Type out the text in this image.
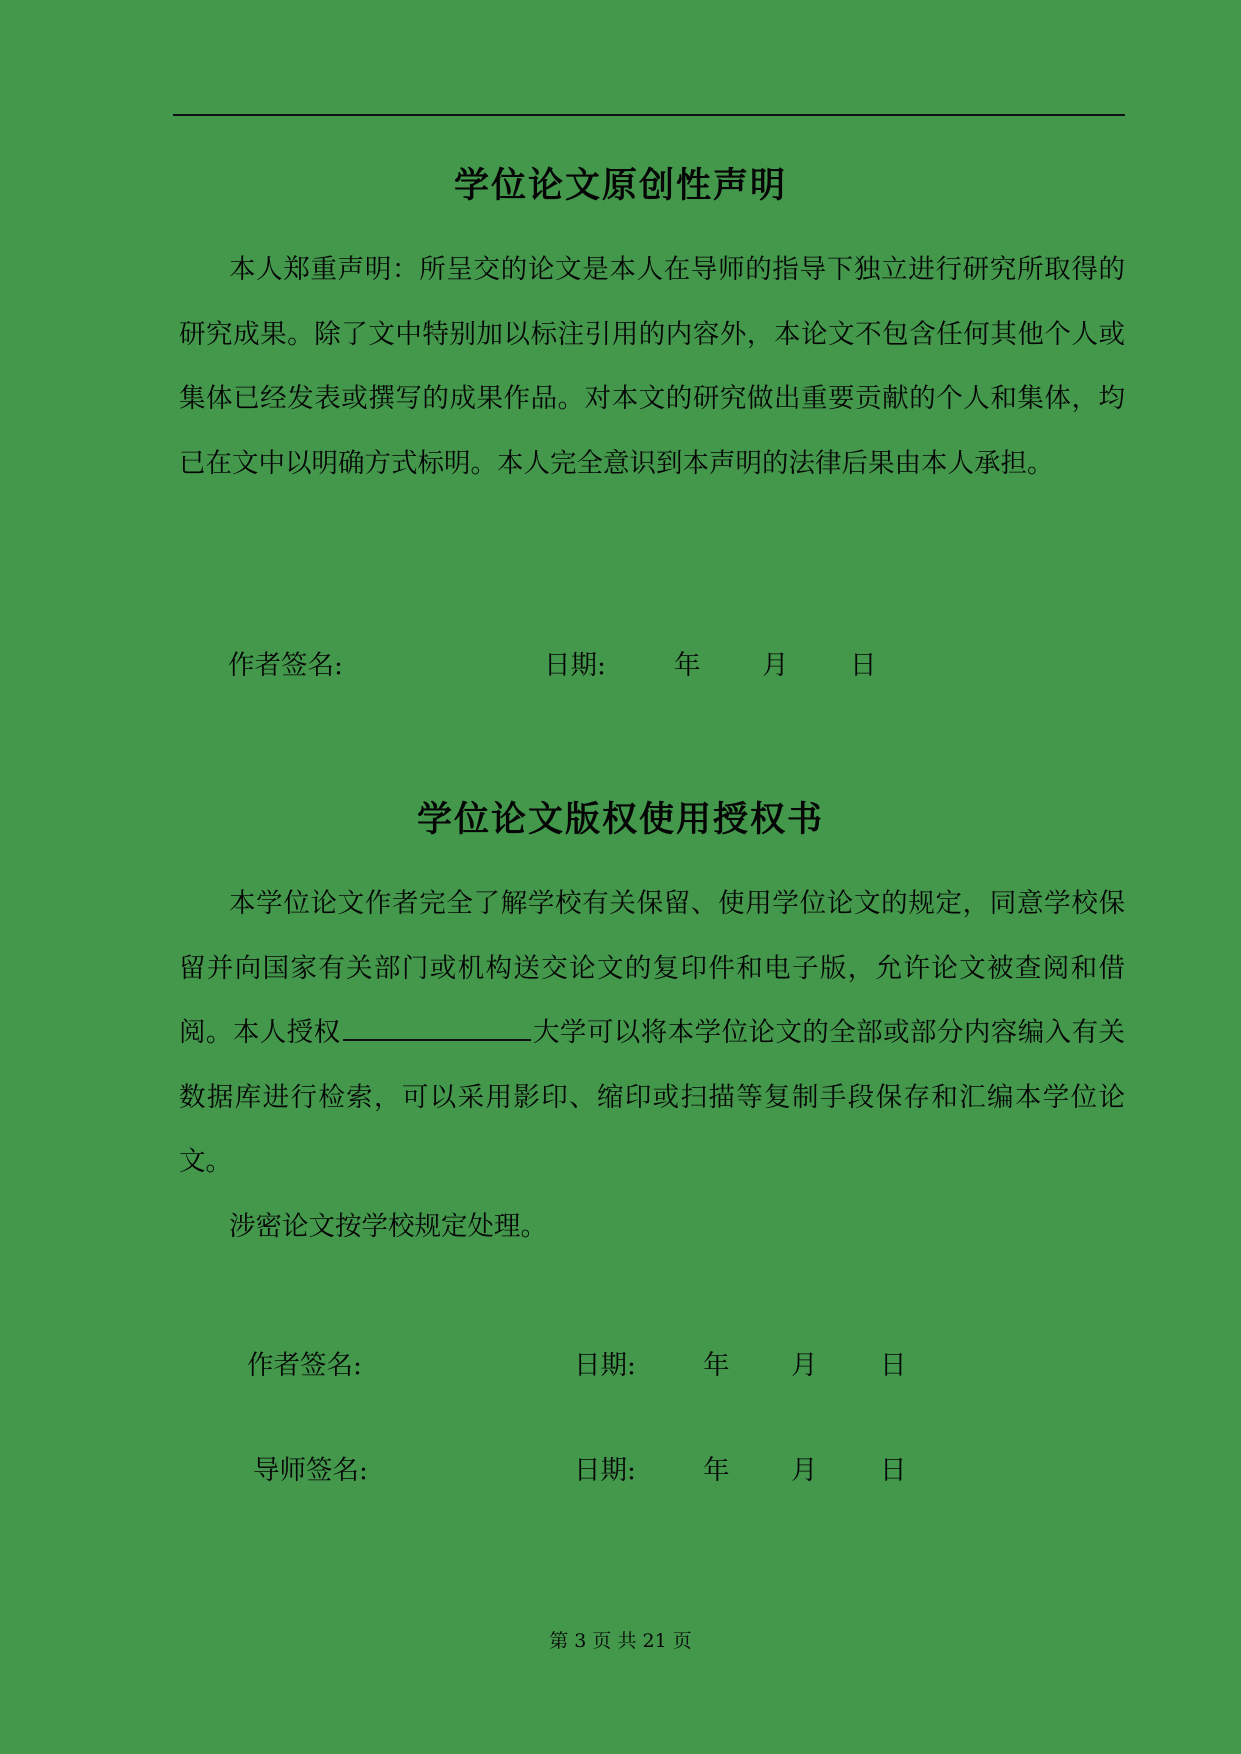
学位论文原创性声明

本人郑重声明：所呈交的论文是本人在导师的指导下独立进行研究所取得的研究成果。除了文中特别加以标注引用的内容外，本论文不包含任何其他个人或集体已经发表或撰写的成果作品。对本文的研究做出重要贡献的个人和集体，均已在文中以明确方式标明。本人完全意识到本声明的法律后果由本人承担。

作者签名:	日期:	年 月 日
学位论文版权使用授权书

本学位论文作者完全了解学校有关保留、使用学位论文的规定，同意学校保留并向国家有关部门或机构送交论文的复印件和电子版，允许论文被查阅和借阅。本人授权	大学可以将本学位论文的全部或部分内容编入有关数据库进行检索，可以采用影印、缩印或扫描等复制手段保存和汇编本学位论文。

涉密论文按学校规定处理。

作者签名:	日期:	年 月 日
导师签名:	日期:	年 月 日
第 3 页 共 21 页
